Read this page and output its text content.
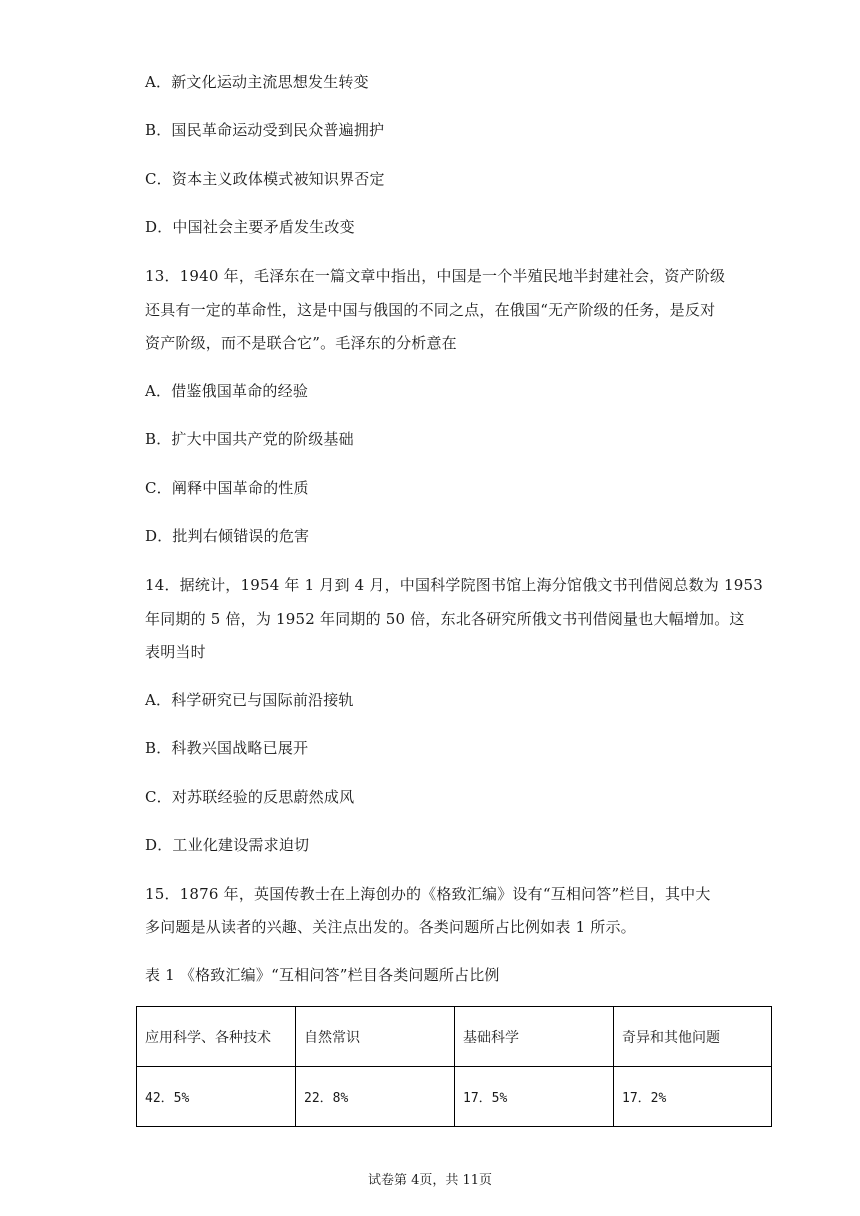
A．新文化运动主流思想发生转变
B．国民革命运动受到民众普遍拥护
C．资本主义政体模式被知识界否定
D．中国社会主要矛盾发生改变
13．1940 年，毛泽东在一篇文章中指出，中国是一个半殖民地半封建社会，资产阶级
还具有一定的革命性，这是中国与俄国的不同之点，在俄国“无产阶级的任务，是反对
资产阶级，而不是联合它”。毛泽东的分析意在
A．借鉴俄国革命的经验
B．扩大中国共产党的阶级基础
C．阐释中国革命的性质
D．批判右倾错误的危害
14．据统计，1954 年 1 月到 4 月，中国科学院图书馆上海分馆俄文书刊借阅总数为 1953
年同期的 5 倍，为 1952 年同期的 50 倍，东北各研究所俄文书刊借阅量也大幅增加。这
表明当时
A．科学研究已与国际前沿接轨
B．科教兴国战略已展开
C．对苏联经验的反思蔚然成风
D．工业化建设需求迫切
15．1876 年，英国传教士在上海创办的《格致汇编》设有“互相问答”栏目，其中大
多问题是从读者的兴趣、关注点出发的。各类问题所占比例如表 1 所示。
表 1 《格致汇编》“互相问答”栏目各类问题所占比例
应用科学、各种技术	自然常识	基础科学	奇异和其他问题
42．5%	22．8%	17．5%	17．2%
试卷第 4页，共 11页
